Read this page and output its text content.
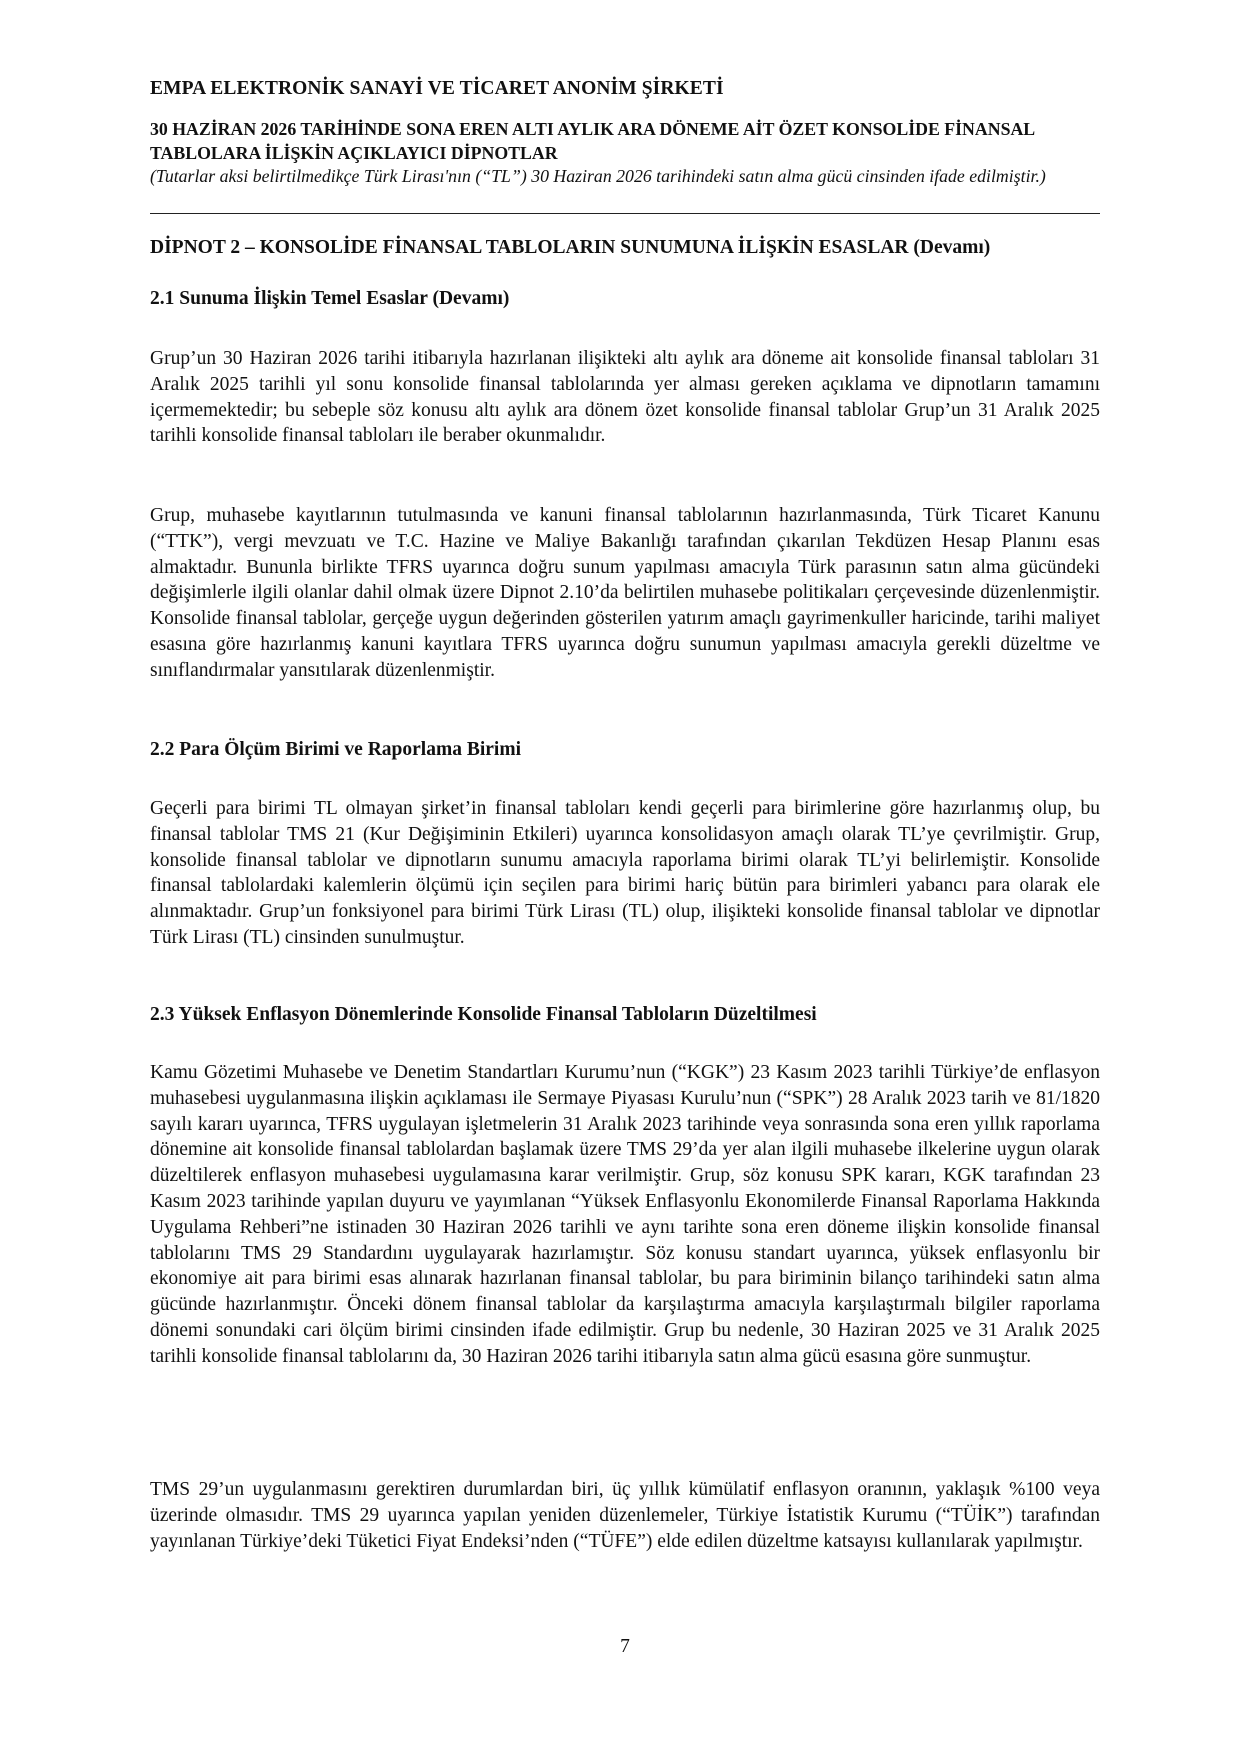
EMPA ELEKTRONİK SANAYİ VE TİCARET ANONİM ŞİRKETİ
30 HAZİRAN 2026 TARİHİNDE SONA EREN ALTI AYLIK ARA DÖNEME AİT ÖZET KONSOLİDE FİNANSAL TABLOLARA İLİŞKİN AÇIKLAYICI DİPNOTLAR
(Tutarlar aksi belirtilmedikçe Türk Lirası'nın (“TL”) 30 Haziran 2026 tarihindeki satın alma gücü cinsinden ifade edilmiştir.)
DİPNOT 2 – KONSOLİDE FİNANSAL TABLOLARIN SUNUMUNA İLİŞKİN ESASLAR (Devamı)
2.1 Sunuma İlişkin Temel Esaslar (Devamı)

Grup’un 30 Haziran 2026 tarihi itibarıyla hazırlanan ilişikteki altı aylık ara döneme ait konsolide finansal tabloları 31 Aralık 2025 tarihli yıl sonu konsolide finansal tablolarında yer alması gereken açıklama ve dipnotların tamamını içermemektedir; bu sebeple söz konusu altı aylık ara dönem özet konsolide finansal tablolar Grup’un 31 Aralık 2025 tarihli konsolide finansal tabloları ile beraber okunmalıdır.

Grup, muhasebe kayıtlarının tutulmasında ve kanuni finansal tablolarının hazırlanmasında, Türk Ticaret Kanunu (“TTK”), vergi mevzuatı ve T.C. Hazine ve Maliye Bakanlığı tarafından çıkarılan Tekdüzen Hesap Planını esas almaktadır. Bununla birlikte TFRS uyarınca doğru sunum yapılması amacıyla Türk parasının satın alma gücündeki değişimlerle ilgili olanlar dahil olmak üzere Dipnot 2.10’da belirtilen muhasebe politikaları çerçevesinde düzenlenmiştir. Konsolide finansal tablolar, gerçeğe uygun değerinden gösterilen yatırım amaçlı gayrimenkuller haricinde, tarihi maliyet esasına göre hazırlanmış kanuni kayıtlara TFRS uyarınca doğru sunumun yapılması amacıyla gerekli düzeltme ve sınıflandırmalar yansıtılarak düzenlenmiştir.

2.2 Para Ölçüm Birimi ve Raporlama Birimi

Geçerli para birimi TL olmayan şirket’in finansal tabloları kendi geçerli para birimlerine göre hazırlanmış olup, bu finansal tablolar TMS 21 (Kur Değişiminin Etkileri) uyarınca konsolidasyon amaçlı olarak TL’ye çevrilmiştir. Grup, konsolide finansal tablolar ve dipnotların sunumu amacıyla raporlama birimi olarak TL’yi belirlemiştir. Konsolide finansal tablolardaki kalemlerin ölçümü için seçilen para birimi hariç bütün para birimleri yabancı para olarak ele alınmaktadır. Grup’un fonksiyonel para birimi Türk Lirası (TL) olup, ilişikteki konsolide finansal tablolar ve dipnotlar Türk Lirası (TL) cinsinden sunulmuştur.

2.3 Yüksek Enflasyon Dönemlerinde Konsolide Finansal Tabloların Düzeltilmesi

Kamu Gözetimi Muhasebe ve Denetim Standartları Kurumu’nun (“KGK”) 23 Kasım 2023 tarihli Türkiye’de enflasyon muhasebesi uygulanmasına ilişkin açıklaması ile Sermaye Piyasası Kurulu’nun (“SPK”) 28 Aralık 2023 tarih ve 81/1820 sayılı kararı uyarınca, TFRS uygulayan işletmelerin 31 Aralık 2023 tarihinde veya sonrasında sona eren yıllık raporlama dönemine ait konsolide finansal tablolardan başlamak üzere TMS 29’da yer alan ilgili muhasebe ilkelerine uygun olarak düzeltilerek enflasyon muhasebesi uygulamasına karar verilmiştir. Grup, söz konusu SPK kararı, KGK tarafından 23 Kasım 2023 tarihinde yapılan duyuru ve yayımlanan “Yüksek Enflasyonlu Ekonomilerde Finansal Raporlama Hakkında Uygulama Rehberi”ne istinaden 30 Haziran 2026 tarihli ve aynı tarihte sona eren döneme ilişkin konsolide finansal tablolarını TMS 29 Standardını uygulayarak hazırlamıştır. Söz konusu standart uyarınca, yüksek enflasyonlu bir ekonomiye ait para birimi esas alınarak hazırlanan finansal tablolar, bu para biriminin bilanço tarihindeki satın alma gücünde hazırlanmıştır. Önceki dönem finansal tablolar da karşılaştırma amacıyla karşılaştırmalı bilgiler raporlama dönemi sonundaki cari ölçüm birimi cinsinden ifade edilmiştir. Grup bu nedenle, 30 Haziran 2025 ve 31 Aralık 2025 tarihli konsolide finansal tablolarını da, 30 Haziran 2026 tarihi itibarıyla satın alma gücü esasına göre sunmuştur.

TMS 29’un uygulanmasını gerektiren durumlardan biri, üç yıllık kümülatif enflasyon oranının, yaklaşık %100 veya üzerinde olmasıdır. TMS 29 uyarınca yapılan yeniden düzenlemeler, Türkiye İstatistik Kurumu (“TÜİK”) tarafından yayınlanan Türkiye’deki Tüketici Fiyat Endeksi’nden (“TÜFE”) elde edilen düzeltme katsayısı kullanılarak yapılmıştır.

7
